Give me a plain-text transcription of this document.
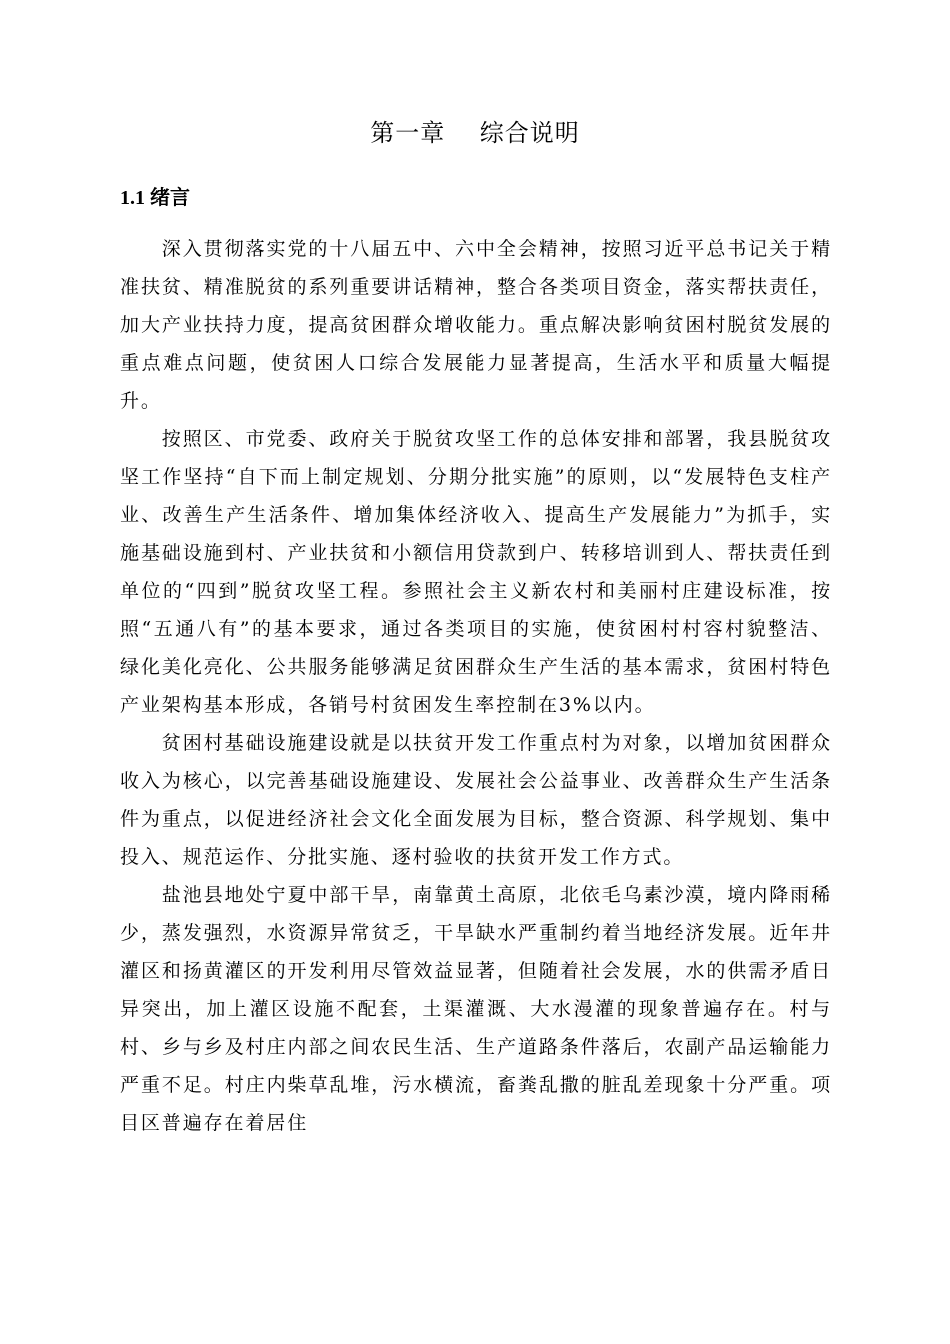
第一章    综合说明
1.1 绪言

深入贯彻落实党的十八届五中、六中全会精神，按照习近平总书记关于精准扶贫、精准脱贫的系列重要讲话精神，整合各类项目资金，落实帮扶责任，加大产业扶持力度，提高贫困群众增收能力。重点解决影响贫困村脱贫发展的重点难点问题，使贫困人口综合发展能力显著提高，生活水平和质量大幅提升。

按照区、市党委、政府关于脱贫攻坚工作的总体安排和部署，我县脱贫攻坚工作坚持“自下而上制定规划、分期分批实施”的原则，以“发展特色支柱产业、改善生产生活条件、增加集体经济收入、提高生产发展能力”为抓手，实施基础设施到村、产业扶贫和小额信用贷款到户、转移培训到人、帮扶责任到单位的“四到”脱贫攻坚工程。参照社会主义新农村和美丽村庄建设标准，按照“五通八有”的基本要求，通过各类项目的实施，使贫困村村容村貌整洁、绿化美化亮化、公共服务能够满足贫困群众生产生活的基本需求，贫困村特色产业架构基本形成，各销号村贫困发生率控制在3%以内。

贫困村基础设施建设就是以扶贫开发工作重点村为对象，以增加贫困群众收入为核心，以完善基础设施建设、发展社会公益事业、改善群众生产生活条件为重点，以促进经济社会文化全面发展为目标，整合资源、科学规划、集中投入、规范运作、分批实施、逐村验收的扶贫开发工作方式。

盐池县地处宁夏中部干旱，南靠黄土高原，北依毛乌素沙漠，境内降雨稀少，蒸发强烈，水资源异常贫乏，干旱缺水严重制约着当地经济发展。近年井灌区和扬黄灌区的开发利用尽管效益显著，但随着社会发展，水的供需矛盾日异突出，加上灌区设施不配套，土渠灌溉、大水漫灌的现象普遍存在。村与村、乡与乡及村庄内部之间农民生活、生产道路条件落后，农副产品运输能力严重不足。村庄内柴草乱堆，污水横流，畜粪乱撒的脏乱差现象十分严重。项目区普遍存在着居住
